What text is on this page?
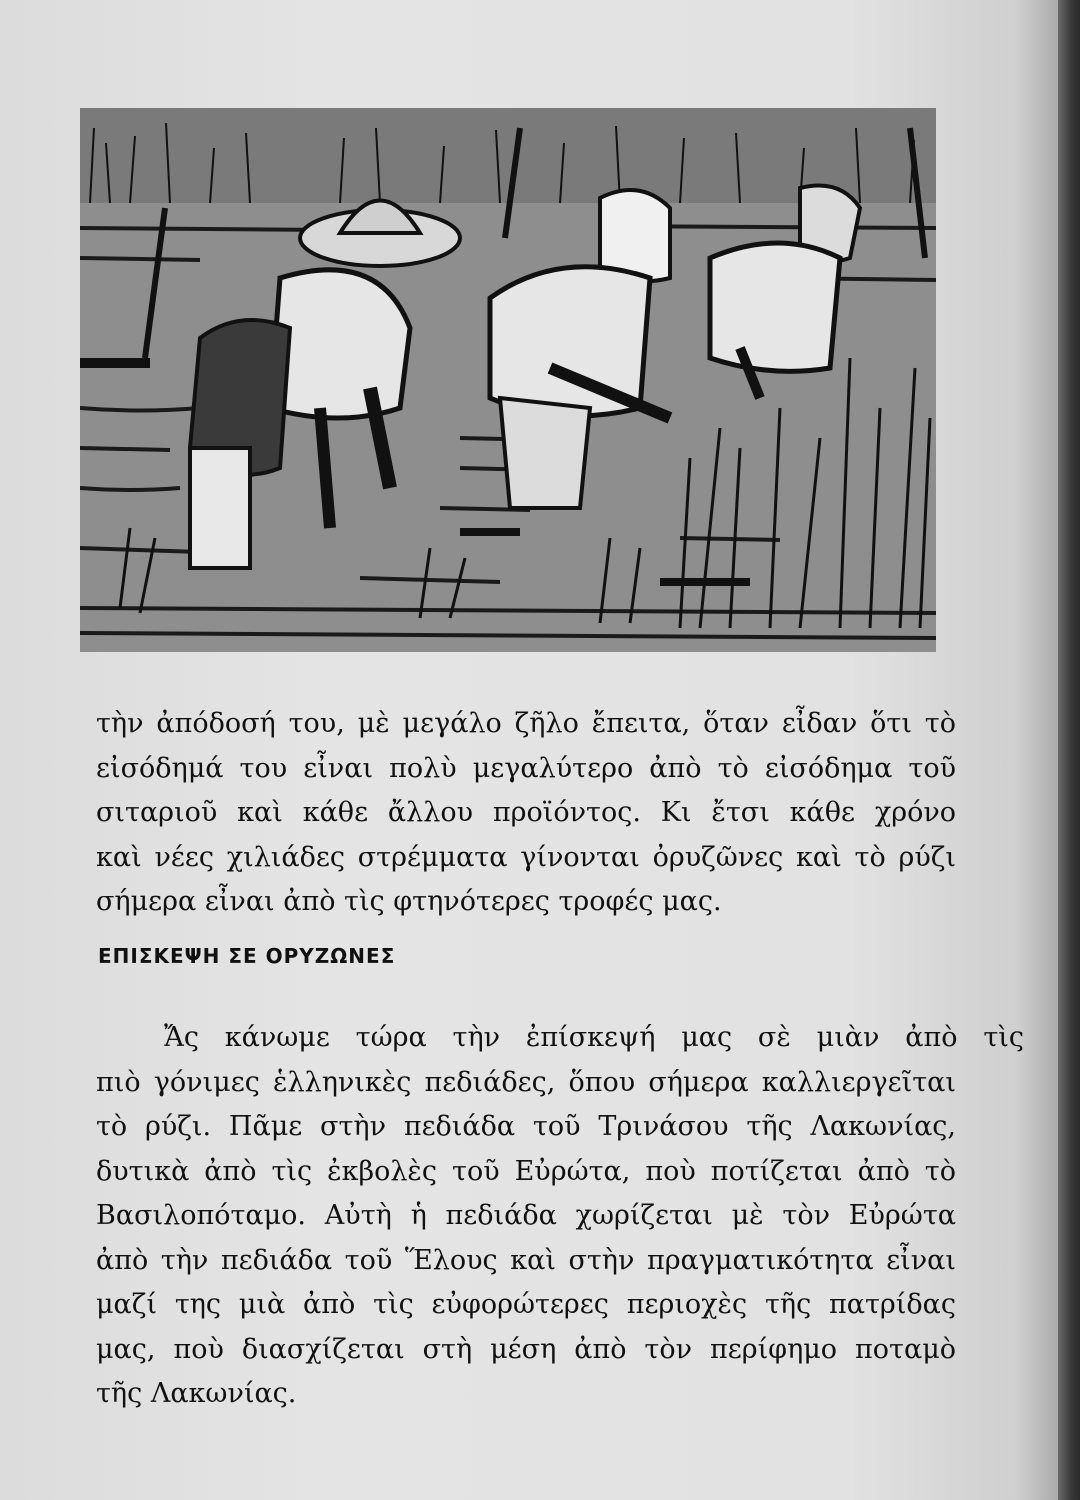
τὴν ἀπόδοσή του, μὲ μεγάλο ζῆλο ἔπειτα, ὅταν εἶδαν ὅτι τὸ
εἰσόδημά του εἶναι πολὺ μεγαλύτερο ἀπὸ τὸ εἰσόδημα τοῦ
σιταριοῦ καὶ κάθε ἄλλου προϊόντος. Κι ἔτσι κάθε χρόνο
καὶ νέες χιλιάδες στρέμματα γίνονται ὀρυζῶνες καὶ τὸ ρύζι
σήμερα εἶναι ἀπὸ τὶς φτηνότερες τροφές μας.

ΕΠΙΣΚΕΨΗ ΣΕ ΟΡΥΖΩΝΕΣ

Ἄς κάνωμε τώρα τὴν ἐπίσκεψή μας σὲ μιὰν ἀπὸ τὶς
πιὸ γόνιμες ἑλληνικὲς πεδιάδες, ὅπου σήμερα καλλιεργεῖται
τὸ ρύζι. Πᾶμε στὴν πεδιάδα τοῦ Τρινάσου τῆς Λακωνίας,
δυτικὰ ἀπὸ τὶς ἐκβολὲς τοῦ Εὐρώτα, ποὺ ποτίζεται ἀπὸ τὸ
Βασιλοπόταμο. Αὐτὴ ἡ πεδιάδα χωρίζεται μὲ τὸν Εὐρώτα
ἀπὸ τὴν πεδιάδα τοῦ Ἕλους καὶ στὴν πραγματικότητα εἶναι
μαζί της μιὰ ἀπὸ τὶς εὐφορώτερες περιοχὲς τῆς πατρίδας
μας, ποὺ διασχίζεται στὴ μέση ἀπὸ τὸν περίφημο ποταμὸ
τῆς Λακωνίας.
